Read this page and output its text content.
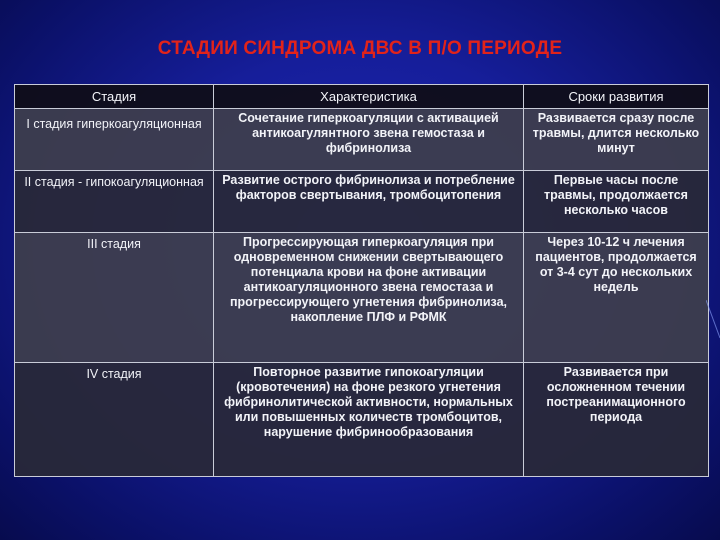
СТАДИИ СИНДРОМА ДВС В П/О ПЕРИОДЕ
Стадия	Характеристика	Сроки развития
I стадия гиперкоагуляционная	Сочетание гиперкоагуляции с активацией антикоагулянтного звена гемостаза и фибринолиза	Развивается сразу после травмы, длится несколько минут
II стадия - гипокоагуляционная	Развитие острого фибринолиза и потребление факторов свертывания, тромбоцитопения	Первые часы после травмы, продолжается несколько часов
III стадия	Прогрессирующая гиперкоагуляция при одновременном снижении свертывающего потенциала крови на фоне активации антикоагуляционного звена гемостаза и прогрессирующего угнетения фибринолиза, накопление ПЛФ и РФМК	Через 10-12 ч лечения пациентов, продолжается от 3-4 сут до нескольких недель
IV стадия	Повторное развитие гипокоагуляции (кровотечения) на фоне резкого угнетения фибринолитической активности, нормальных или повышенных количеств тромбоцитов, нарушение фибринообразования	Развивается при осложненном течении постреанимационного периода
